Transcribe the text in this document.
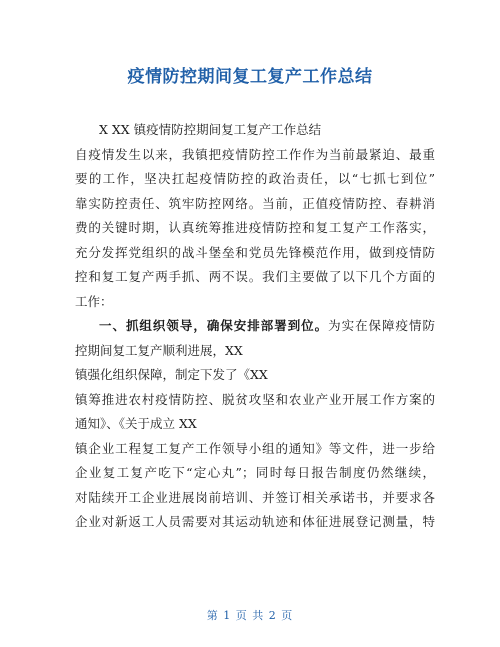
疫情防控期间复工复产工作总结
X XX 镇疫情防控期间复工复产工作总结
自疫情发生以来，我镇把疫情防控工作作为当前最紧迫、最重
要的工作，坚决扛起疫情防控的政治责任，以“七抓七到位”
靠实防控责任、筑牢防控网络。当前，正值疫情防控、春耕消
费的关键时期，认真统筹推进疫情防控和复工复产工作落实，
充分发挥党组织的战斗堡垒和党员先锋模范作用，做到疫情防
控和复工复产两手抓、两不误。我们主要做了以下几个方面的
工作：
一、抓组织领导，确保安排部署到位。为实在保障疫情防
控期间复工复产顺利进展，XX
镇强化组织保障，制定下发了《XX
镇筹推进农村疫情防控、脱贫攻坚和农业产业开展工作方案的
通知》、《关于成立 XX
镇企业工程复工复产工作领导小组的通知》等文件，进一步给
企业复工复产吃下“定心丸”；同时每日报告制度仍然继续，
对陆续开工企业进展岗前培训、并签订相关承诺书，并要求各
企业对新返工人员需要对其运动轨迹和体征进展登记测量，特
第 1 页 共 2 页
